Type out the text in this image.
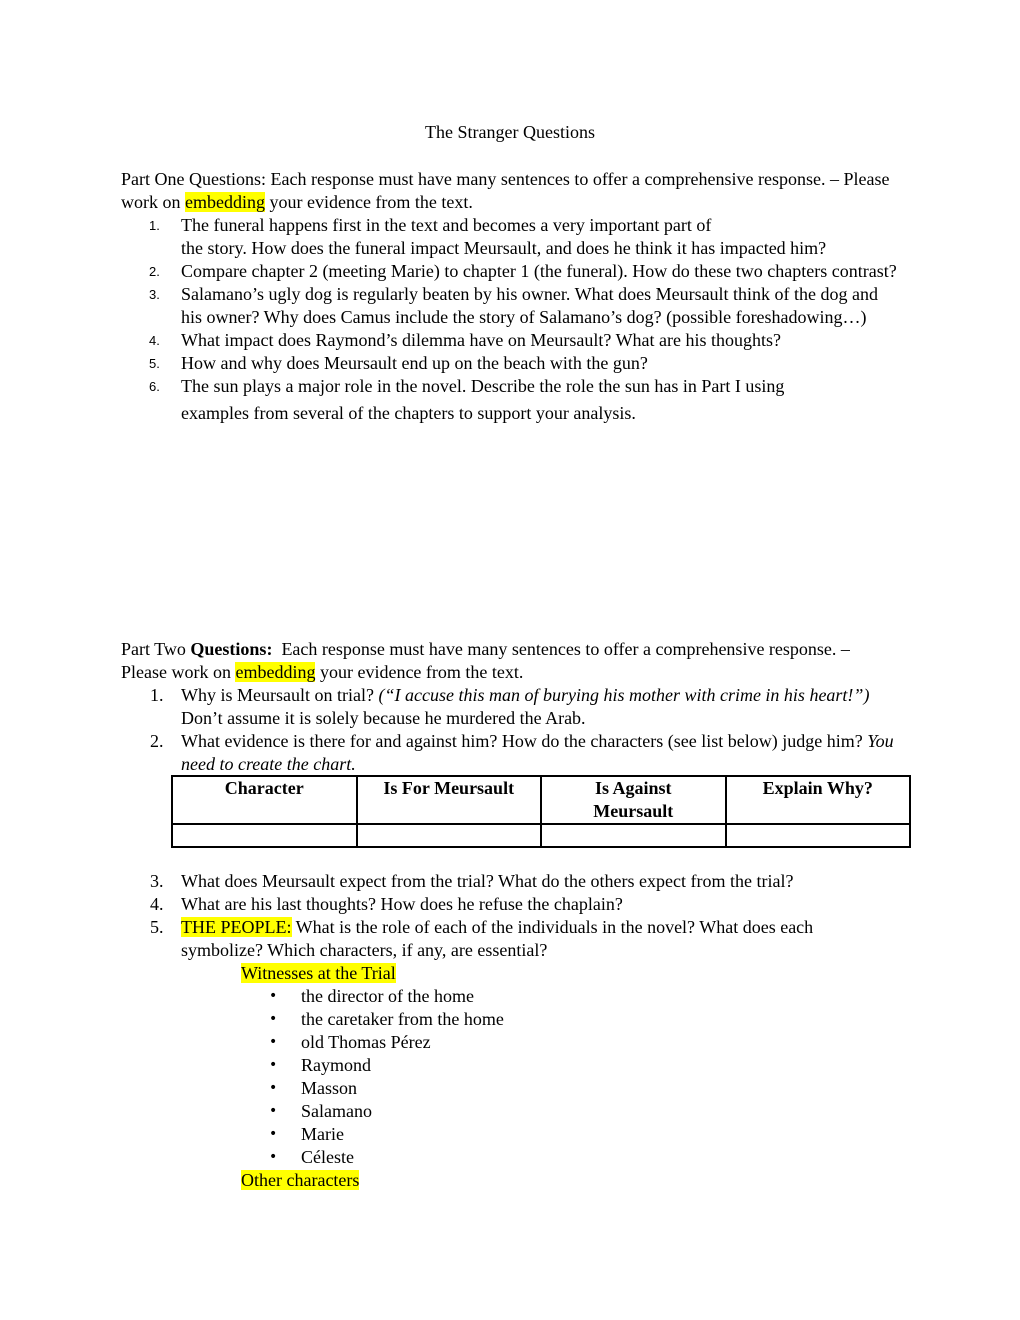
The Stranger Questions
Part One Questions: Each response must have many sentences to offer a comprehensive response. – Please work on embedding your evidence from the text.
1. The funeral happens first in the text and becomes a very important part of
the story. How does the funeral impact Meursault, and does he think it has impacted him?
2. Compare chapter 2 (meeting Marie) to chapter 1 (the funeral). How do these two chapters contrast?
3. Salamano’s ugly dog is regularly beaten by his owner. What does Meursault think of the dog and his owner? Why does Camus include the story of Salamano’s dog? (possible foreshadowing…)
4. What impact does Raymond’s dilemma have on Meursault? What are his thoughts?
5. How and why does Meursault end up on the beach with the gun?
6. The sun plays a major role in the novel. Describe the role the sun has in Part I using
examples from several of the chapters to support your analysis.
Part Two Questions:  Each response must have many sentences to offer a comprehensive response. – Please work on embedding your evidence from the text.
1. Why is Meursault on trial? (“I accuse this man of burying his mother with crime in his heart!”) Don’t assume it is solely because he murdered the Arab.
2. What evidence is there for and against him? How do the characters (see list below) judge him? You need to create the chart.
Character	Is For Meursault	Is Against Meursault	Explain Why?

3. What does Meursault expect from the trial? What do the others expect from the trial?
4. What are his last thoughts? How does he refuse the chaplain?
5. THE PEOPLE: What is the role of each of the individuals in the novel? What does each symbolize? Which characters, if any, are essential?
Witnesses at the Trial
• the director of the home
• the caretaker from the home
• old Thomas Pérez
• Raymond
• Masson
• Salamano
• Marie
• Céleste
Other characters
